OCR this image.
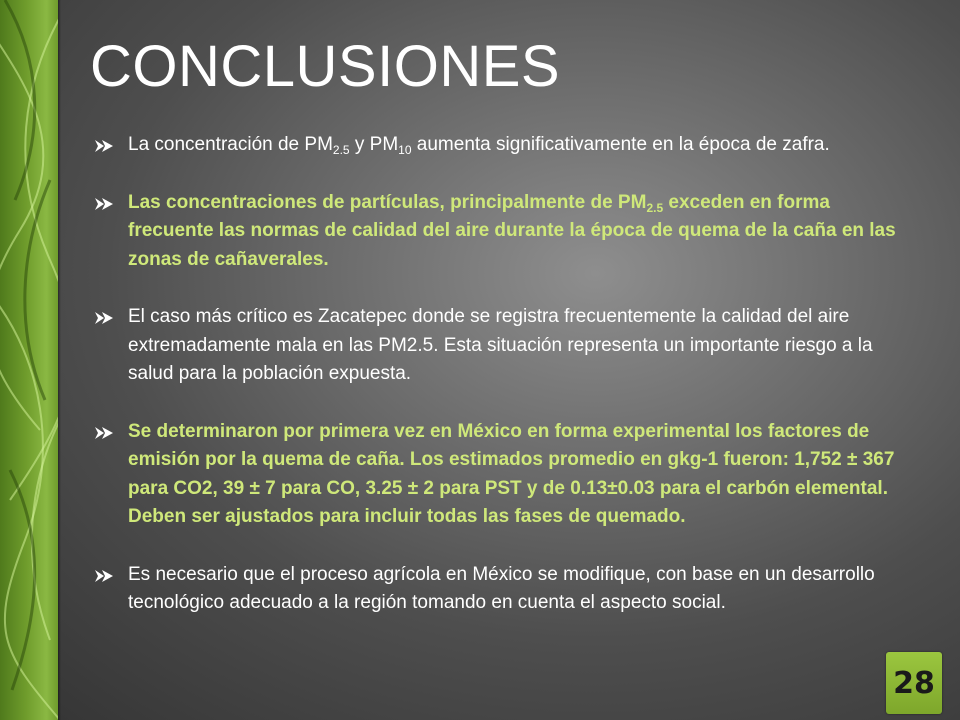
CONCLUSIONES
La concentración de $PM_{2.5}$ y $PM_{10}$ aumenta significativamente en la época de zafra.
Las concentraciones de partículas, principalmente de $PM_{2.5}$ exceden en forma frecuente las normas de calidad del aire durante la época de quema de la caña en las zonas de cañaverales.
El caso más crítico es Zacatepec donde se registra frecuentemente la calidad del aire extremadamente mala en las PM2.5. Esta situación representa un importante riesgo a la salud para la población expuesta.
Se determinaron por primera vez en México en forma experimental los factores de emisión por la quema de caña. Los estimados promedio en gkg-1 fueron: 1,752 ± 367 para CO2, 39 ± 7 para CO, 3.25 ± 2 para PST y de 0.13±0.03 para el carbón elemental. Deben ser ajustados para incluir todas las fases de quemado.
Es necesario que el proceso agrícola en México se modifique, con base en un desarrollo tecnológico adecuado a la región tomando en cuenta el aspecto social.
28
